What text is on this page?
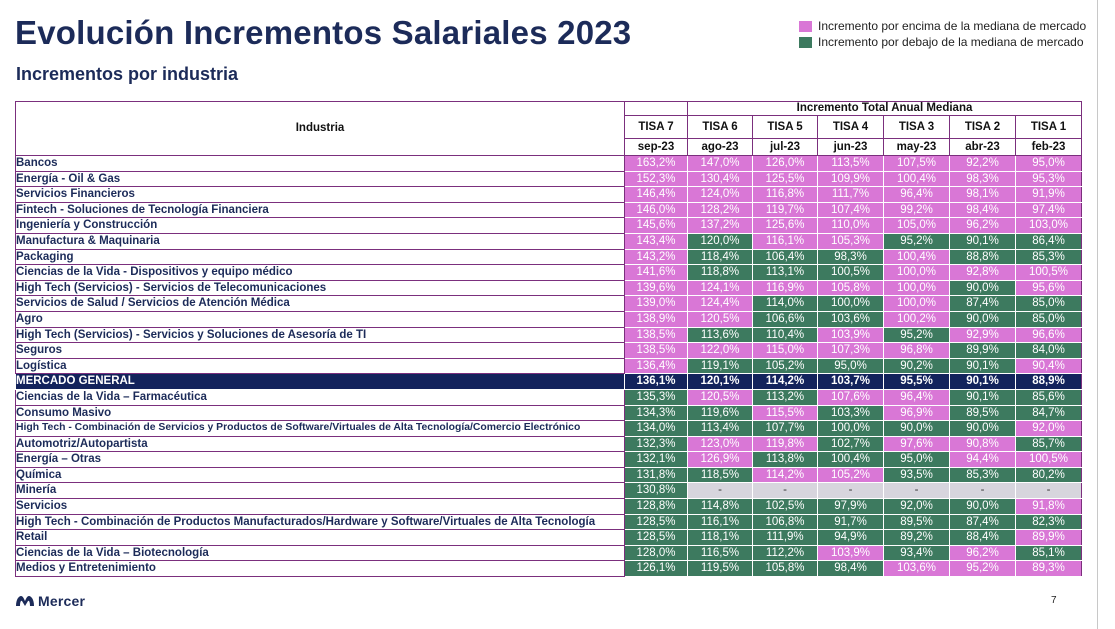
Evolución Incrementos Salariales 2023
Incrementos por industria
Incremento por encima de la mediana de mercado
Incremento por debajo de la mediana de mercado
Industria		Incremento Total Anual Mediana					
	TISA 7	TISA 6	TISA 5	TISA 4	TISA 3	TISA 2	TISA 1
	sep-23	ago-23	jul-23	jun-23	may-23	abr-23	feb-23
Bancos	163,2%	147,0%	126,0%	113,5%	107,5%	92,2%	95,0%
Energía - Oil & Gas	152,3%	130,4%	125,5%	109,9%	100,4%	98,3%	95,3%
Servicios Financieros	146,4%	124,0%	116,8%	111,7%	96,4%	98,1%	91,9%
Fintech - Soluciones de Tecnología Financiera	146,0%	128,2%	119,7%	107,4%	99,2%	98,4%	97,4%
Ingeniería y Construcción	145,6%	137,2%	125,6%	110,0%	105,0%	96,2%	103,0%
Manufactura & Maquinaria	143,4%	120,0%	116,1%	105,3%	95,2%	90,1%	86,4%
Packaging	143,2%	118,4%	106,4%	98,3%	100,4%	88,8%	85,3%
Ciencias de la Vida - Dispositivos y equipo médico	141,6%	118,8%	113,1%	100,5%	100,0%	92,8%	100,5%
High Tech (Servicios) - Servicios de Telecomunicaciones	139,6%	124,1%	116,9%	105,8%	100,0%	90,0%	95,6%
Servicios de Salud / Servicios de Atención Médica	139,0%	124,4%	114,0%	100,0%	100,0%	87,4%	85,0%
Agro	138,9%	120,5%	106,6%	103,6%	100,2%	90,0%	85,0%
High Tech (Servicios) - Servicios y Soluciones de Asesoría de TI	138,5%	113,6%	110,4%	103,9%	95,2%	92,9%	96,6%
Seguros	138,5%	122,0%	115,0%	107,3%	96,8%	89,9%	84,0%
Logística	136,4%	119,1%	105,2%	95,0%	90,2%	90,1%	90,4%
MERCADO GENERAL	136,1%	120,1%	114,2%	103,7%	95,5%	90,1%	88,9%
Ciencias de la Vida – Farmacéutica	135,3%	120,5%	113,2%	107,6%	96,4%	90,1%	85,6%
Consumo Masivo	134,3%	119,6%	115,5%	103,3%	96,9%	89,5%	84,7%
High Tech - Combinación de Servicios y Productos de Software/Virtuales de Alta Tecnología/Comercio Electrónico	134,0%	113,4%	107,7%	100,0%	90,0%	90,0%	92,0%
Automotriz/Autopartista	132,3%	123,0%	119,8%	102,7%	97,6%	90,8%	85,7%
Energía – Otras	132,1%	126,9%	113,8%	100,4%	95,0%	94,4%	100,5%
Química	131,8%	118,5%	114,2%	105,2%	93,5%	85,3%	80,2%
Minería	130,8%	-	-	-	-	-	-
Servicios	128,8%	114,8%	102,5%	97,9%	92,0%	90,0%	91,8%
High Tech - Combinación de Productos Manufacturados/Hardware y Software/Virtuales de Alta Tecnología	128,5%	116,1%	106,8%	91,7%	89,5%	87,4%	82,3%
Retail	128,5%	118,1%	111,9%	94,9%	89,2%	88,4%	89,9%
Ciencias de la Vida – Biotecnología	128,0%	116,5%	112,2%	103,9%	93,4%	96,2%	85,1%
Medios y Entretenimiento	126,1%	119,5%	105,8%	98,4%	103,6%	95,2%	89,3%
Mercer	7
